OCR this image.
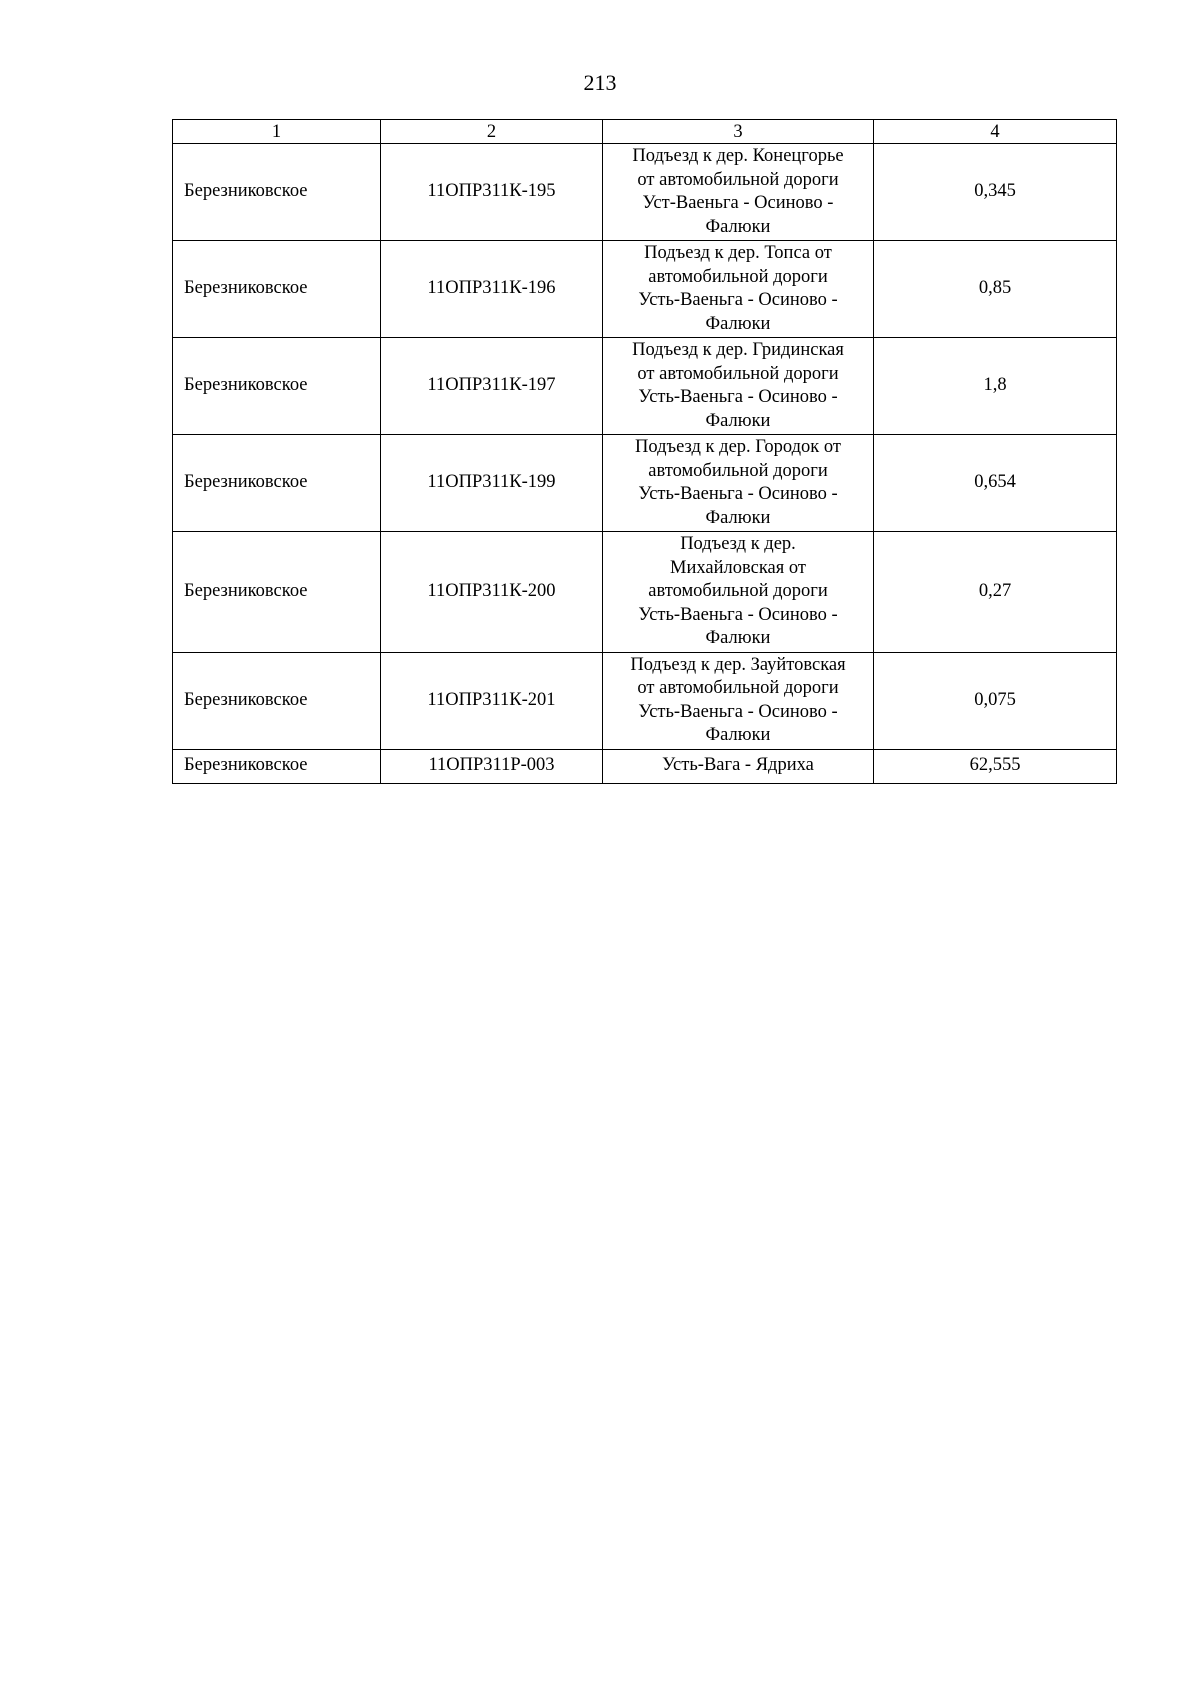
213
1	2	3	4
Березниковское	11ОПР311К-195	Подъезд к дер. Конецгорье
от автомобильной дороги
Уст-Ваеньга - Осиново -
Фалюки	0,345
Березниковское	11ОПР311К-196	Подъезд к дер. Топса от
автомобильной дороги
Усть-Ваеньга - Осиново -
Фалюки	0,85
Березниковское	11ОПР311К-197	Подъезд к дер. Гридинская
от автомобильной дороги
Усть-Ваеньга - Осиново -
Фалюки	1,8
Березниковское	11ОПР311К-199	Подъезд к дер. Городок от
автомобильной дороги
Усть-Ваеньга - Осиново -
Фалюки	0,654
Березниковское	11ОПР311К-200	Подъезд к дер.
Михайловская от
автомобильной дороги
Усть-Ваеньга - Осиново -
Фалюки	0,27
Березниковское	11ОПР311К-201	Подъезд к дер. Зауйтовская
от автомобильной дороги
Усть-Ваеньга - Осиново -
Фалюки	0,075
Березниковское	11ОПР311Р-003	Усть-Вага - Ядриха	62,555
